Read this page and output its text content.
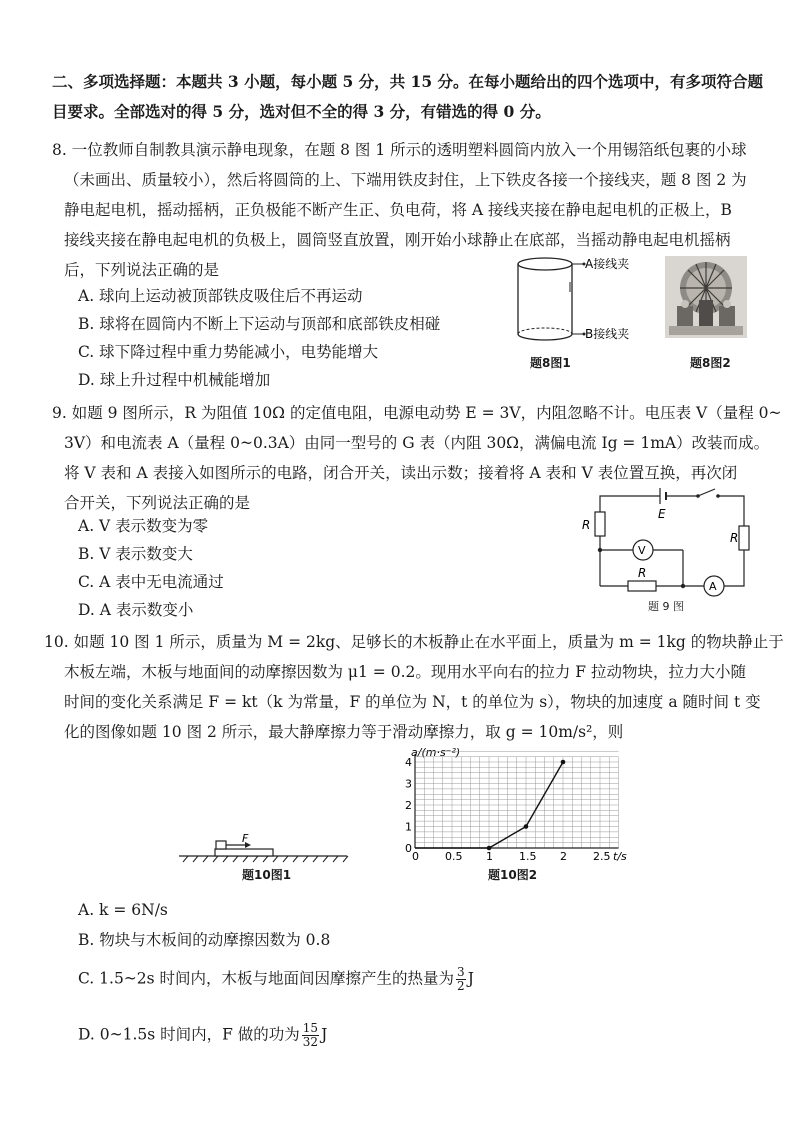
二、多项选择题：本题共 3 小题，每小题 5 分，共 15 分。在每小题给出的四个选项中，有多项符合题
目要求。全部选对的得 5 分，选对但不全的得 3 分，有错选的得 0 分。
8. 一位教师自制教具演示静电现象，在题 8 图 1 所示的透明塑料圆筒内放入一个用锡箔纸包裹的小球
（未画出、质量较小），然后将圆筒的上、下端用铁皮封住，上下铁皮各接一个接线夹，题 8 图 2 为
静电起电机，摇动摇柄，正负极能不断产生正、负电荷，将 A 接线夹接在静电起电机的正极上，B
接线夹接在静电起电机的负极上，圆筒竖直放置，刚开始小球静止在底部，当摇动静电起电机摇柄
后，下列说法正确的是
A. 球向上运动被顶部铁皮吸住后不再运动
B. 球将在圆筒内不断上下运动与顶部和底部铁皮相碰
C. 球下降过程中重力势能减小，电势能增大
D. 球上升过程中机械能增加
A接线夹
B接线夹
题8图1	题8图2
9. 如题 9 图所示，R 为阻值 10Ω 的定值电阻，电源电动势 E = 3V，内阻忽略不计。电压表 V（量程 0~
3V）和电流表 A（量程 0~0.3A）由同一型号的 G 表（内阻 30Ω，满偏电流 Ig = 1mA）改装而成。
将 V 表和 A 表接入如图所示的电路，闭合开关，读出示数；接着将 A 表和 V 表位置互换，再次闭
合开关，下列说法正确的是
A. V 表示数变为零
B. V 表示数变大
C. A 表中无电流通过
D. A 表示数变小
E
R
R
R
V
A
题 9 图
10. 如题 10 图 1 所示，质量为 M = 2kg、足够长的木板静止在水平面上，质量为 m = 1kg 的物块静止于
木板左端，木板与地面间的动摩擦因数为 μ1 = 0.2。现用水平向右的拉力 F 拉动物块，拉力大小随
时间的变化关系满足 F = kt（k 为常量，F 的单位为 N，t 的单位为 s），物块的加速度 a 随时间 t 变
化的图像如题 10 图 2 所示，最大静摩擦力等于滑动摩擦力，取 g = 10m/s²，则
F
题10图1
a/(m·s⁻²)
t/s
0 0.5 1 1.5 2 2.5
1
2
3
4
0
题10图2
A. k = 6N/s
B. 物块与木板间的动摩擦因数为 0.8
C. 1.5~2s 时间内，木板与地面间因摩擦产生的热量为 $\frac{3}{2}$ J
D. 0~1.5s 时间内，F 做的功为 $\frac{15}{32}$ J
